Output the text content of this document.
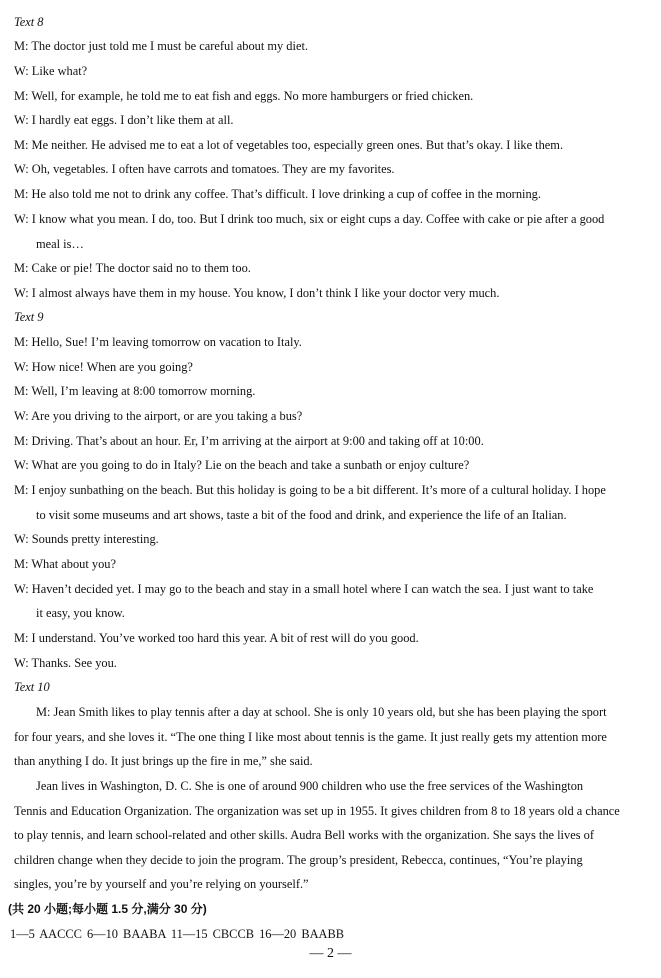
Text 8
M: The doctor just told me I must be careful about my diet.
W: Like what?
M: Well, for example, he told me to eat fish and eggs. No more hamburgers or fried chicken.
W: I hardly eat eggs. I don’t like them at all.
M: Me neither. He advised me to eat a lot of vegetables too, especially green ones. But that’s okay. I like them.
W: Oh, vegetables. I often have carrots and tomatoes. They are my favorites.
M: He also told me not to drink any coffee. That’s difficult. I love drinking a cup of coffee in the morning.
W: I know what you mean. I do, too. But I drink too much, six or eight cups a day. Coffee with cake or pie after a good
meal is…
M: Cake or pie! The doctor said no to them too.
W: I almost always have them in my house. You know, I don’t think I like your doctor very much.
Text 9
M: Hello, Sue! I’m leaving tomorrow on vacation to Italy.
W: How nice! When are you going?
M: Well, I’m leaving at 8:00 tomorrow morning.
W: Are you driving to the airport, or are you taking a bus?
M: Driving. That’s about an hour. Er, I’m arriving at the airport at 9:00 and taking off at 10:00.
W: What are you going to do in Italy? Lie on the beach and take a sunbath or enjoy culture?
M: I enjoy sunbathing on the beach. But this holiday is going to be a bit different. It’s more of a cultural holiday. I hope
to visit some museums and art shows, taste a bit of the food and drink, and experience the life of an Italian.
W: Sounds pretty interesting.
M: What about you?
W: Haven’t decided yet. I may go to the beach and stay in a small hotel where I can watch the sea. I just want to take
it easy, you know.
M: I understand. You’ve worked too hard this year. A bit of rest will do you good.
W: Thanks. See you.
Text 10
M: Jean Smith likes to play tennis after a day at school. She is only 10 years old, but she has been playing the sport
for four years, and she loves it. “The one thing I like most about tennis is the game. It just really gets my attention more
than anything I do. It just brings up the fire in me,” she said.
Jean lives in Washington, D. C. She is one of around 900 children who use the free services of the Washington
Tennis and Education Organization. The organization was set up in 1955. It gives children from 8 to 18 years old a chance
to play tennis, and learn school-related and other skills. Audra Bell works with the organization. She says the lives of
children change when they decide to join the program. The group’s president, Rebecca, continues, “You’re playing
singles, you’re by yourself and you’re relying on yourself.”
(共 20 小题;每小题 1.5 分,满分 30 分)
1—5 AACCC 6—10 BAABA 11—15 CBCCB 16—20 BAABB
— 2 —
